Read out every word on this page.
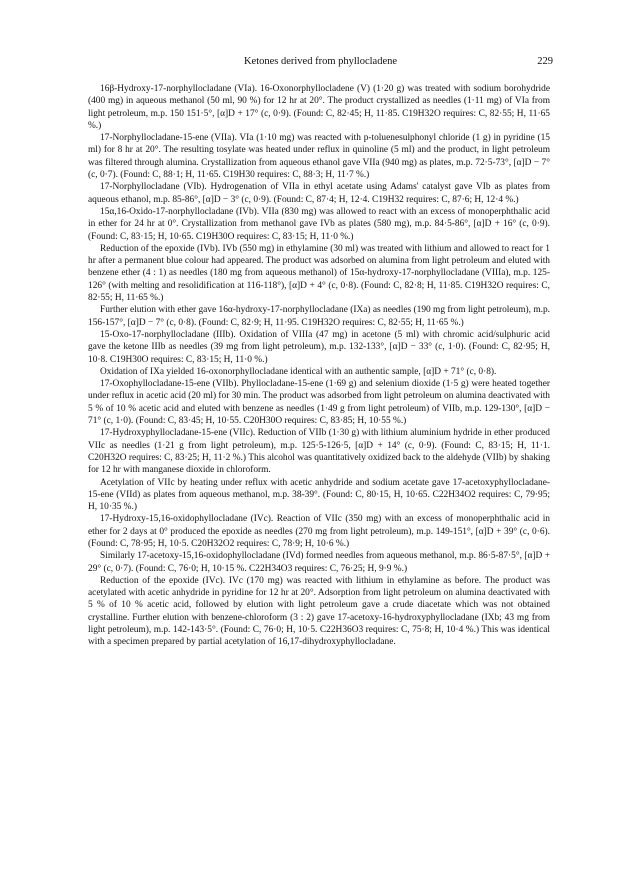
Ketones derived from phyllocladene	229

16β-Hydroxy-17-norphyllocladane (VIa). 16-Oxonorphyllocladene (V) (1·20 g) was treated with sodium borohydride (400 mg) in aqueous methanol (50 ml, 90 %) for 12 hr at 20°. The product crystallized as needles (1·11 mg) of VIa from light petroleum, m.p. 150 151·5°, [α]D + 17° (c, 0·9). (Found: C, 82·45; H, 11·85. C19H32O requires: C, 82·55; H, 11·65 %.)

17-Norphyllocladane-15-ene (VIIa). VIa (1·10 mg) was reacted with p-toluenesulphonyl chloride (1 g) in pyridine (15 ml) for 8 hr at 20°. The resulting tosylate was heated under reflux in quinoline (5 ml) and the product, in light petroleum was filtered through alumina. Crystallization from aqueous ethanol gave VIIa (940 mg) as plates, m.p. 72·5-73°, [α]D − 7° (c, 0·7). (Found: C, 88·1; H, 11·65. C19H30 requires: C, 88·3; H, 11·7 %.)

17-Norphyllocladane (VIb). Hydrogenation of VIIa in ethyl acetate using Adams' catalyst gave VIb as plates from aqueous ethanol, m.p. 85-86°, [α]D − 3° (c, 0·9). (Found: C, 87·4; H, 12·4. C19H32 requires: C, 87·6; H, 12·4 %.)

15α,16-Oxido-17-norphyllocladane (IVb). VIIa (830 mg) was allowed to react with an excess of monoperphthalic acid in ether for 24 hr at 0°. Crystallization from methanol gave IVb as plates (580 mg), m.p. 84·5-86°, [α]D + 16° (c, 0·9). (Found: C, 83·15; H, 10·65. C19H30O requires: C, 83·15; H, 11·0 %.)

Reduction of the epoxide (IVb). IVb (550 mg) in ethylamine (30 ml) was treated with lithium and allowed to react for 1 hr after a permanent blue colour had appeared. The product was adsorbed on alumina from light petroleum and eluted with benzene ether (4 : 1) as needles (180 mg from aqueous methanol) of 15α-hydroxy-17-norphyllocladane (VIIIa), m.p. 125-126° (with melting and resolidification at 116-118°), [α]D + 4° (c, 0·8). (Found: C, 82·8; H, 11·85. C19H32O requires: C, 82·55; H, 11·65 %.)

Further elution with ether gave 16α-hydroxy-17-norphyllocladane (IXa) as needles (190 mg from light petroleum), m.p. 156-157°, [α]D − 7° (c, 0·8). (Found: C, 82·9; H, 11·95. C19H32O requires: C, 82·55; H, 11·65 %.)

15-Oxo-17-norphyllocladane (IIIb). Oxidation of VIIIa (47 mg) in acetone (5 ml) with chromic acid/sulphuric acid gave the ketone IIIb as needles (39 mg from light petroleum), m.p. 132-133°, [α]D − 33° (c, 1·0). (Found: C, 82·95; H, 10·8. C19H30O requires: C, 83·15; H, 11·0 %.)

Oxidation of IXa yielded 16-oxonorphyllocladane identical with an authentic sample, [α]D + 71° (c, 0·8).

17-Oxophyllocladane-15-ene (VIIb). Phyllocladane-15-ene (1·69 g) and selenium dioxide (1·5 g) were heated together under reflux in acetic acid (20 ml) for 30 min. The product was adsorbed from light petroleum on alumina deactivated with 5 % of 10 % acetic acid and eluted with benzene as needles (1·49 g from light petroleum) of VIIb, m.p. 129-130°, [α]D − 71° (c, 1·0). (Found: C, 83·45; H, 10·55. C20H30O requires: C, 83·85; H, 10·55 %.)

17-Hydroxyphyllocladane-15-ene (VIIc). Reduction of VIIb (1·30 g) with lithium aluminium hydride in ether produced VIIc as needles (1·21 g from light petroleum), m.p. 125·5-126·5, [α]D + 14° (c, 0·9). (Found: C, 83·15; H, 11·1. C20H32O requires: C, 83·25; H, 11·2 %.) This alcohol was quantitatively oxidized back to the aldehyde (VIIb) by shaking for 12 hr with manganese dioxide in chloroform.

Acetylation of VIIc by heating under reflux with acetic anhydride and sodium acetate gave 17-acetoxyphyllocladane-15-ene (VIId) as plates from aqueous methanol, m.p. 38-39°. (Found: C, 80·15, H, 10·65. C22H34O2 requires: C, 79·95; H, 10·35 %.)

17-Hydroxy-15,16-oxidophyllocladane (IVc). Reaction of VIIc (350 mg) with an excess of monoperphthalic acid in ether for 2 days at 0° produced the epoxide as needles (270 mg from light petroleum), m.p. 149-151°, [α]D + 39° (c, 0·6). (Found: C, 78·95; H, 10·5. C20H32O2 requires: C, 78·9; H, 10·6 %.)

Similarly 17-acetoxy-15,16-oxidophyllocladane (IVd) formed needles from aqueous methanol, m.p. 86·5-87·5°, [α]D + 29° (c, 0·7). (Found: C, 76·0; H, 10·15 %. C22H34O3 requires: C, 76·25; H, 9·9 %.)

Reduction of the epoxide (IVc). IVc (170 mg) was reacted with lithium in ethylamine as before. The product was acetylated with acetic anhydride in pyridine for 12 hr at 20°. Adsorption from light petroleum on alumina deactivated with 5 % of 10 % acetic acid, followed by elution with light petroleum gave a crude diacetate which was not obtained crystalline. Further elution with benzene-chloroform (3 : 2) gave 17-acetoxy-16-hydroxyphyllocladane (IXb; 43 mg from light petroleum), m.p. 142-143·5°. (Found: C, 76·0; H, 10·5. C22H36O3 requires: C, 75·8; H, 10·4 %.) This was identical with a specimen prepared by partial acetylation of 16,17-dihydroxyphyllocladane.
